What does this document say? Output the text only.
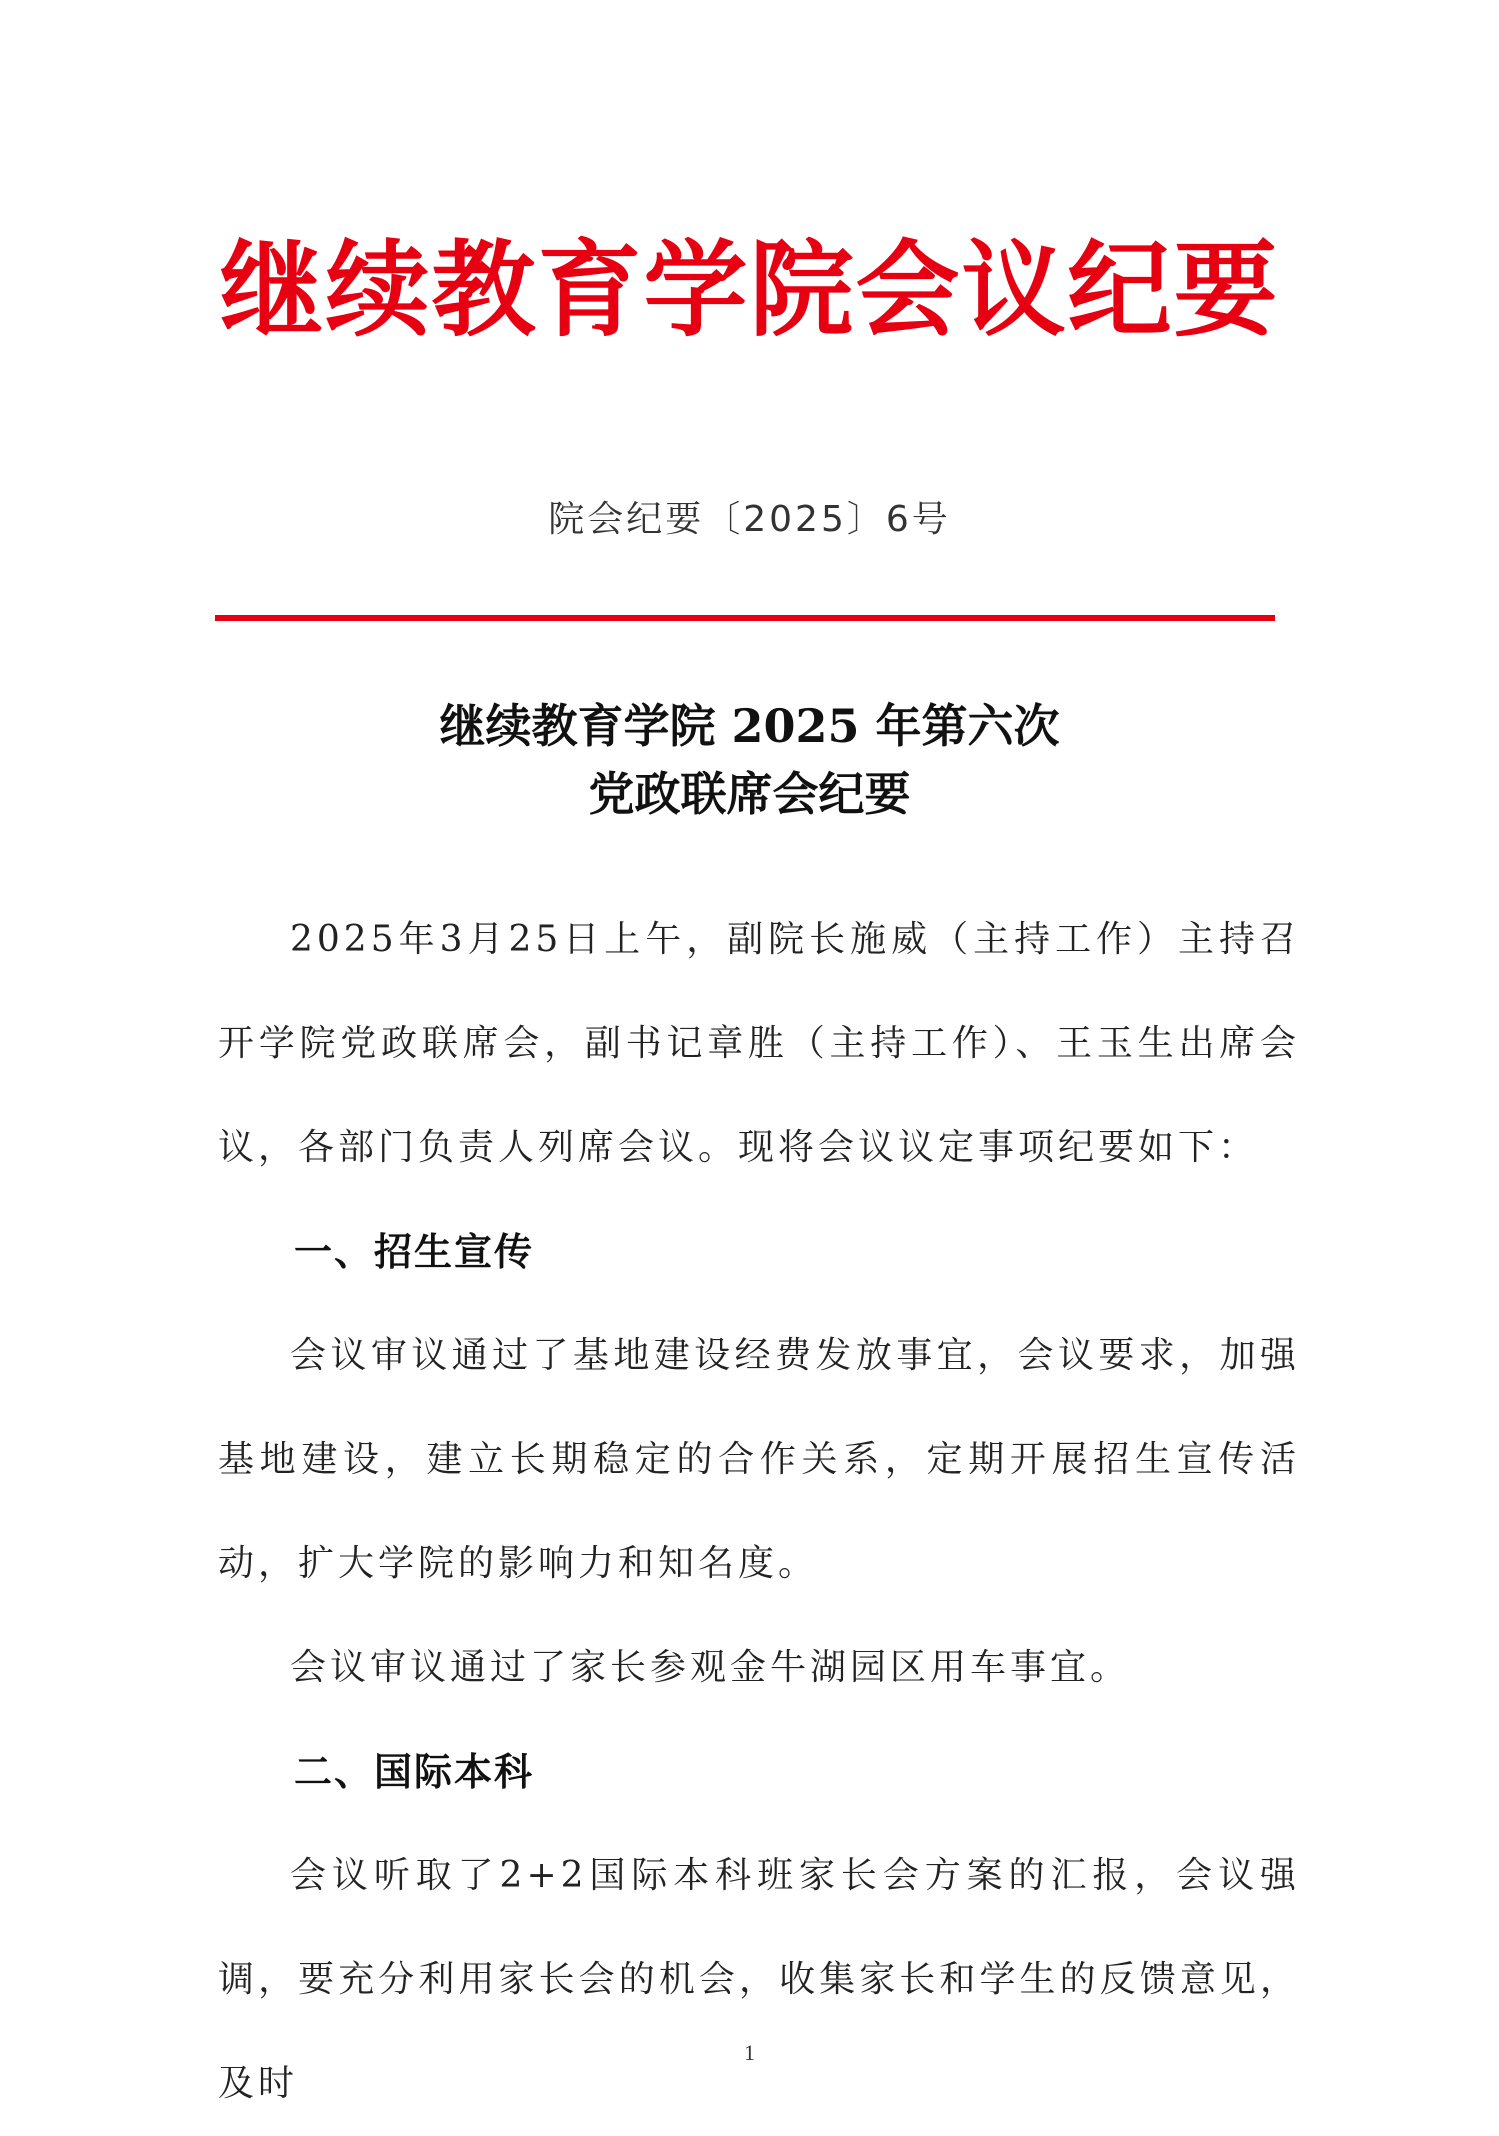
继续教育学院会议纪要
院会纪要〔2025〕6号
继续教育学院 2025 年第六次
党政联席会纪要

2025年3月25日上午，副院长施威（主持工作）主持召开学院党政联席会，副书记章胜（主持工作）、王玉生出席会议，各部门负责人列席会议。现将会议议定事项纪要如下：

一、招生宣传

会议审议通过了基地建设经费发放事宜，会议要求，加强基地建设，建立长期稳定的合作关系，定期开展招生宣传活动，扩大学院的影响力和知名度。

会议审议通过了家长参观金牛湖园区用车事宜。

二、国际本科

会议听取了2+2国际本科班家长会方案的汇报，会议强调，要充分利用家长会的机会，收集家长和学生的反馈意见，及时

1
